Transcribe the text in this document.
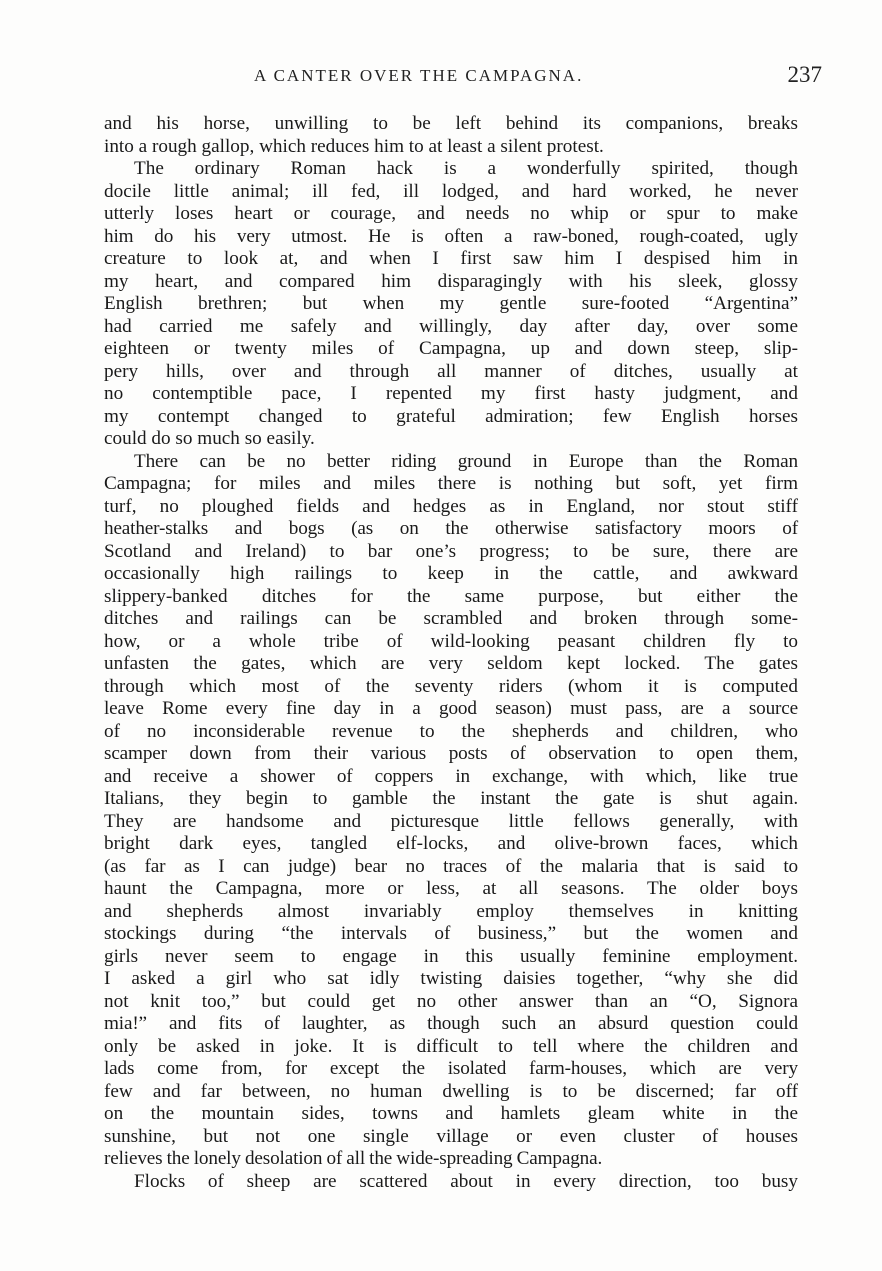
A CANTER OVER THE CAMPAGNA.	237
and his horse, unwilling to be left behind its companions, breaks
into a rough gallop, which reduces him to at least a silent protest.
The ordinary Roman hack is a wonderfully spirited, though
docile little animal; ill fed, ill lodged, and hard worked, he never
utterly loses heart or courage, and needs no whip or spur to make
him do his very utmost. He is often a raw-boned, rough-coated, ugly
creature to look at, and when I first saw him I despised him in
my heart, and compared him disparagingly with his sleek, glossy
English brethren; but when my gentle sure-footed “Argentina”
had carried me safely and willingly, day after day, over some
eighteen or twenty miles of Campagna, up and down steep, slip-
pery hills, over and through all manner of ditches, usually at
no contemptible pace, I repented my first hasty judgment, and
my contempt changed to grateful admiration; few English horses
could do so much so easily.
There can be no better riding ground in Europe than the Roman
Campagna; for miles and miles there is nothing but soft, yet firm
turf, no ploughed fields and hedges as in England, nor stout stiff
heather-stalks and bogs (as on the otherwise satisfactory moors of
Scotland and Ireland) to bar one’s progress; to be sure, there are
occasionally high railings to keep in the cattle, and awkward
slippery-banked ditches for the same purpose, but either the
ditches and railings can be scrambled and broken through some-
how, or a whole tribe of wild-looking peasant children fly to
unfasten the gates, which are very seldom kept locked. The gates
through which most of the seventy riders (whom it is computed
leave Rome every fine day in a good season) must pass, are a source
of no inconsiderable revenue to the shepherds and children, who
scamper down from their various posts of observation to open them,
and receive a shower of coppers in exchange, with which, like true
Italians, they begin to gamble the instant the gate is shut again.
They are handsome and picturesque little fellows generally, with
bright dark eyes, tangled elf-locks, and olive-brown faces, which
(as far as I can judge) bear no traces of the malaria that is said to
haunt the Campagna, more or less, at all seasons. The older boys
and shepherds almost invariably employ themselves in knitting
stockings during “the intervals of business,” but the women and
girls never seem to engage in this usually feminine employment.
I asked a girl who sat idly twisting daisies together, “why she did
not knit too,” but could get no other answer than an “O, Signora
mia!” and fits of laughter, as though such an absurd question could
only be asked in joke. It is difficult to tell where the children and
lads come from, for except the isolated farm-houses, which are very
few and far between, no human dwelling is to be discerned; far off
on the mountain sides, towns and hamlets gleam white in the
sunshine, but not one single village or even cluster of houses
relieves the lonely desolation of all the wide-spreading Campagna.
Flocks of sheep are scattered about in every direction, too busy
